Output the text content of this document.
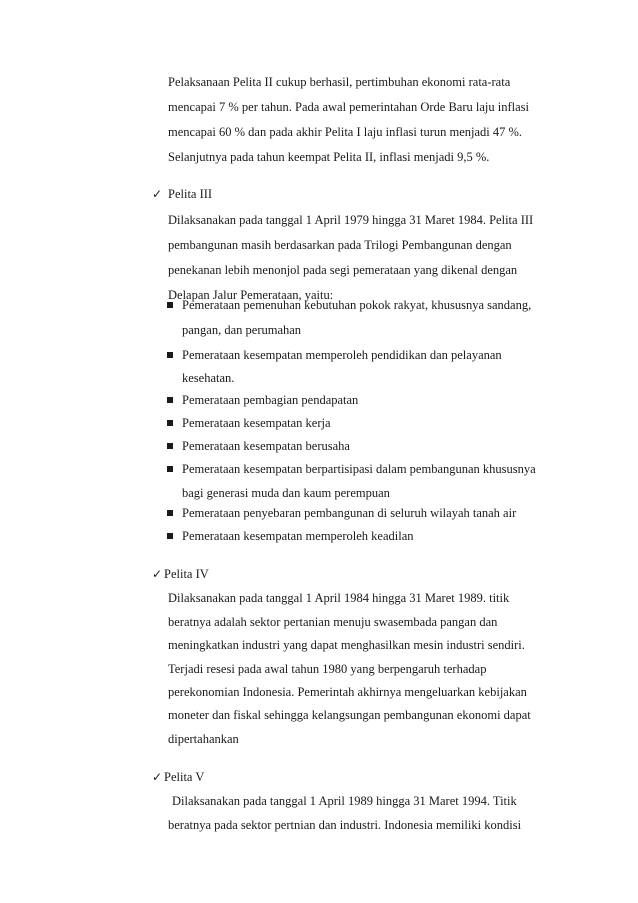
Pelaksanaan Pelita II cukup berhasil, pertimbuhan ekonomi rata-rata
mencapai 7 % per tahun. Pada awal pemerintahan Orde Baru laju inflasi
mencapai 60 % dan pada akhir Pelita I laju inflasi turun menjadi 47 %.
Selanjutnya pada tahun keempat Pelita II, inflasi menjadi 9,5 %.
✓ Pelita III
Dilaksanakan pada tanggal 1 April 1979 hingga 31 Maret 1984. Pelita III
pembangunan masih berdasarkan pada Trilogi Pembangunan dengan
penekanan lebih menonjol pada segi pemerataan yang dikenal dengan
Delapan Jalur Pemerataan, yaitu:
Pemerataan pemenuhan kebutuhan pokok rakyat, khususnya sandang,
pangan, dan perumahan
Pemerataan kesempatan memperoleh pendidikan dan pelayanan
kesehatan.
Pemerataan pembagian pendapatan
Pemerataan kesempatan kerja
Pemerataan kesempatan berusaha
Pemerataan kesempatan berpartisipasi dalam pembangunan khususnya
bagi generasi muda dan kaum perempuan
Pemerataan penyebaran pembangunan di seluruh wilayah tanah air
Pemerataan kesempatan memperoleh keadilan
✓ Pelita IV
Dilaksanakan pada tanggal 1 April 1984 hingga 31 Maret 1989. titik
beratnya adalah sektor pertanian menuju swasembada pangan dan
meningkatkan industri yang dapat menghasilkan mesin industri sendiri.
Terjadi resesi pada awal tahun 1980 yang berpengaruh terhadap
perekonomian Indonesia. Pemerintah akhirnya mengeluarkan kebijakan
moneter dan fiskal sehingga kelangsungan pembangunan ekonomi dapat
dipertahankan
✓ Pelita V
Dilaksanakan pada tanggal 1 April 1989 hingga 31 Maret 1994. Titik
beratnya pada sektor pertnian dan industri. Indonesia memiliki kondisi
